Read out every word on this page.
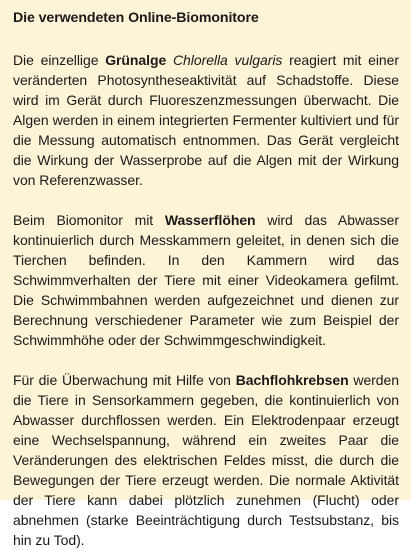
Die verwendeten Online-Biomonitore

Die einzellige Grünalge Chlorella vulgaris reagiert mit einer veränderten Photosyntheseaktivität auf Schadstoffe. Diese wird im Gerät durch Fluoreszenzmessungen überwacht. Die Algen werden in einem integrierten Fermenter kultiviert und für die Messung automatisch entnommen. Das Gerät vergleicht die Wirkung der Wasserprobe auf die Algen mit der Wirkung von Referenzwasser.

Beim Biomonitor mit Wasserflöhen wird das Abwasser kontinuierlich durch Messkammern geleitet, in denen sich die Tierchen befinden. In den Kammern wird das Schwimmverhalten der Tiere mit einer Videokamera gefilmt. Die Schwimmbahnen werden aufgezeichnet und dienen zur Berechnung verschiedener Parameter wie zum Beispiel der Schwimmhöhe oder der Schwimmgeschwindigkeit.

Für die Überwachung mit Hilfe von Bachflohkrebsen werden die Tiere in Sensorkammern gegeben, die kontinuierlich von Abwasser durchflossen werden. Ein Elektrodenpaar erzeugt eine Wechselspannung, während ein zweites Paar die Veränderungen des elektrischen Feldes misst, die durch die Bewegungen der Tiere erzeugt werden. Die normale Aktivität der Tiere kann dabei plötzlich zunehmen (Flucht) oder abnehmen (starke Beeinträchtigung durch Testsubstanz, bis hin zu Tod).
